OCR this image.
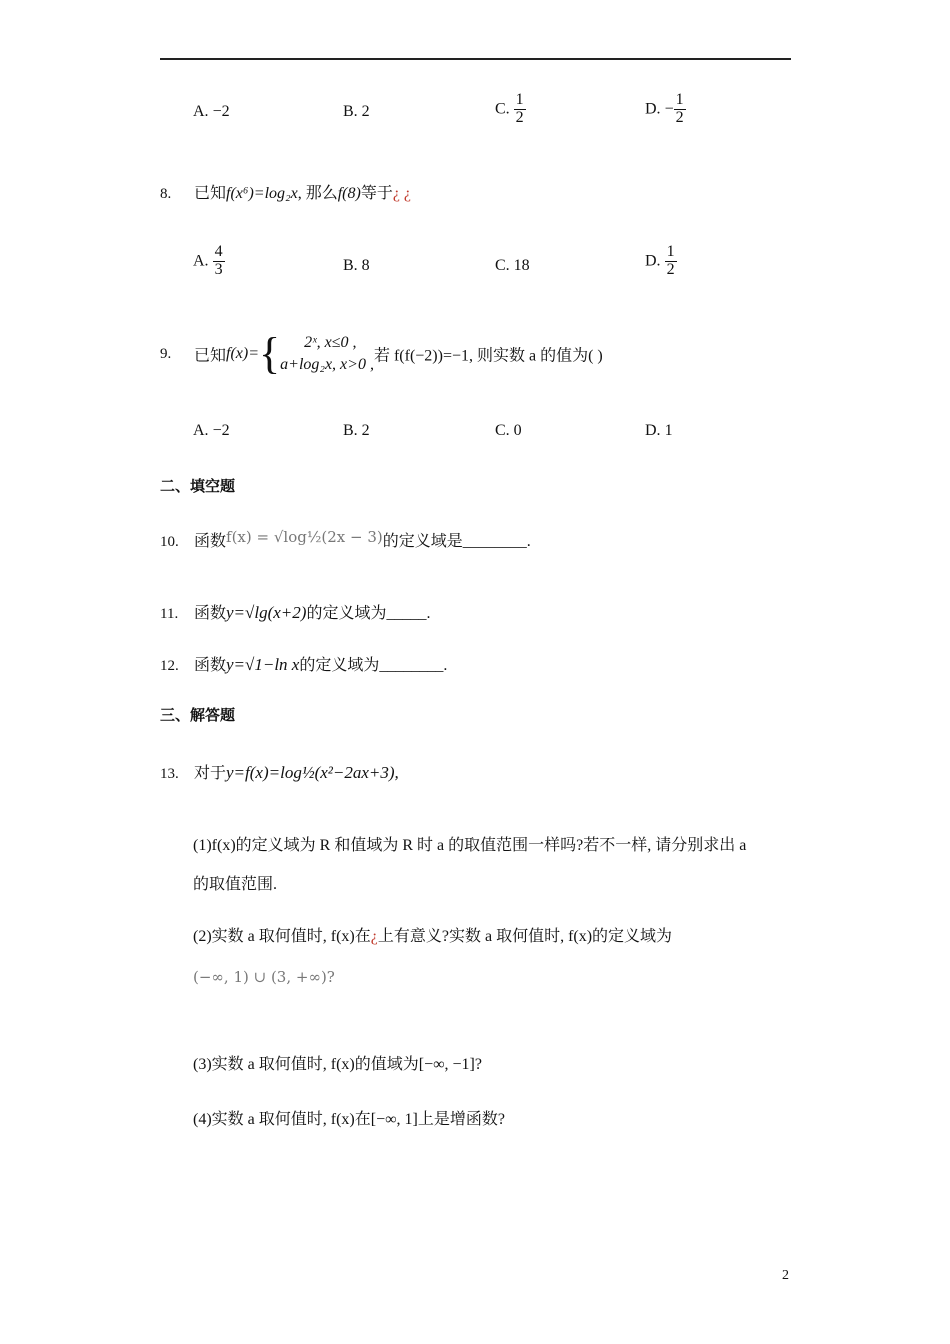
A. −2	B. 2	C. $\frac{1}{2}$	D. − $\frac{1}{2}$
8. 已知f(x⁶)=log₂x, 那么f(8)等于¿ ¿
A. $\frac{4}{3}$	B. 8	C. 18	D. $\frac{1}{2}$
9. 已知f(x)={	2ˣ, x≤0 ,
a+log₂x, x>0 , 若 f(f(−2))=−1, 则实数 a 的值为( )
A. −2	B. 2	C. 0	D. 1
二、填空题
10. 函数f(x) = √log½(2x − 3)的定义域是________.
11. 函数y=√lg(x+2)的定义域为_____.
12. 函数y=√1−ln x的定义域为________.
三、解答题
13. 对于y=f(x)=log½(x²−2ax+3),
(1)f(x)的定义域为 R 和值域为 R 时 a 的取值范围一样吗?若不一样, 请分别求出 a
的取值范围.
(2)实数 a 取何值时, f(x)在¿上有意义?实数 a 取何值时, f(x)的定义域为
(−∞, 1) ∪ (3, +∞)?
(3)实数 a 取何值时, f(x)的值域为[−∞, −1]?
(4)实数 a 取何值时, f(x)在[−∞, 1]上是增函数?
2
